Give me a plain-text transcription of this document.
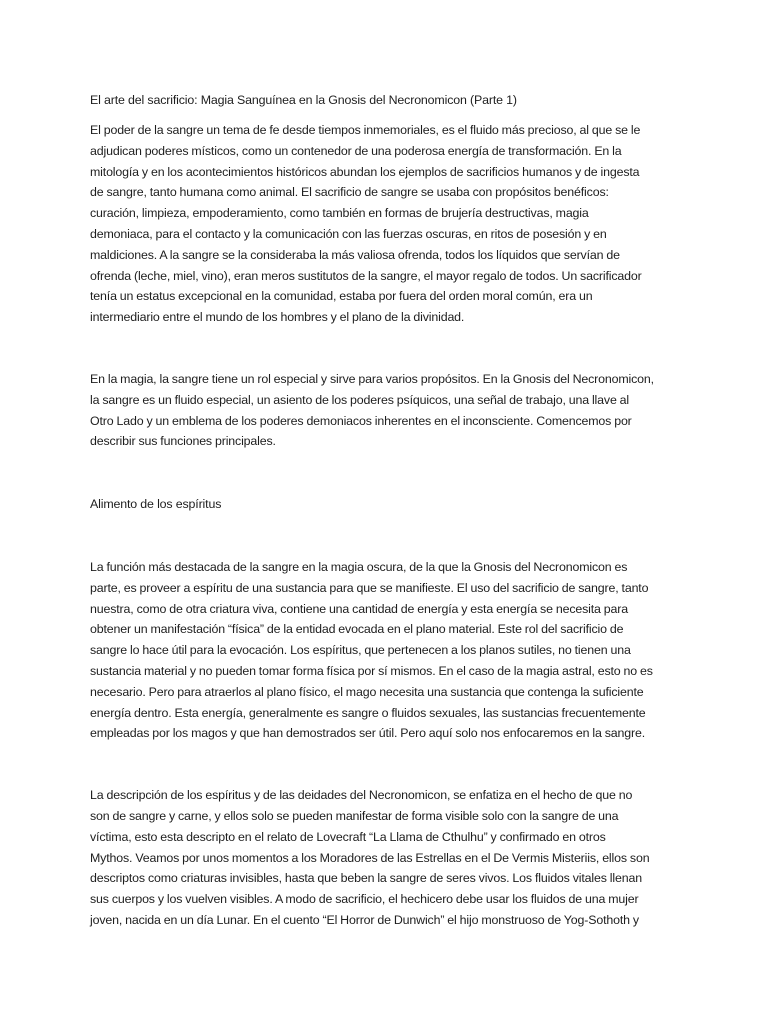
El arte del sacrificio: Magia Sanguínea en la Gnosis del Necronomicon (Parte 1)

El poder de la sangre un tema de fe desde tiempos inmemoriales, es el fluido más precioso, al que se le
adjudican poderes místicos, como un contenedor de una poderosa energía de transformación. En la
mitología y en los acontecimientos históricos abundan los ejemplos de sacrificios humanos y de ingesta
de sangre, tanto humana como animal. El sacrificio de sangre se usaba con propósitos benéficos:
curación, limpieza, empoderamiento, como también en formas de brujería destructivas, magia
demoniaca, para el contacto y la comunicación con las fuerzas oscuras, en ritos de posesión y en
maldiciones. A la sangre se la consideraba la más valiosa ofrenda, todos los líquidos que servían de
ofrenda (leche, miel, vino), eran meros sustitutos de la sangre, el mayor regalo de todos. Un sacrificador
tenía un estatus excepcional en la comunidad, estaba por fuera del orden moral común, era un
intermediario entre el mundo de los hombres y el plano de la divinidad.

En la magia, la sangre tiene un rol especial y sirve para varios propósitos. En la Gnosis del Necronomicon,
la sangre es un fluido especial, un asiento de los poderes psíquicos, una señal de trabajo, una llave al
Otro Lado y un emblema de los poderes demoniacos inherentes en el inconsciente. Comencemos por
describir sus funciones principales.

Alimento de los espíritus

La función más destacada de la sangre en la magia oscura, de la que la Gnosis del Necronomicon es
parte, es proveer a espíritu de una sustancia para que se manifieste. El uso del sacrificio de sangre, tanto
nuestra, como de otra criatura viva, contiene una cantidad de energía y esta energía se necesita para
obtener un manifestación “física” de la entidad evocada en el plano material. Este rol del sacrificio de
sangre lo hace útil para la evocación. Los espíritus, que pertenecen a los planos sutiles, no tienen una
sustancia material y no pueden tomar forma física por sí mismos. En el caso de la magia astral, esto no es
necesario. Pero para atraerlos al plano físico, el mago necesita una sustancia que contenga la suficiente
energía dentro. Esta energía, generalmente es sangre o fluidos sexuales, las sustancias frecuentemente
empleadas por los magos y que han demostrados ser útil. Pero aquí solo nos enfocaremos en la sangre.

La descripción de los espíritus y de las deidades del Necronomicon, se enfatiza en el hecho de que no
son de sangre y carne, y ellos solo se pueden manifestar de forma visible solo con la sangre de una
víctima, esto esta descripto en el relato de Lovecraft “La Llama de Cthulhu” y confirmado en otros
Mythos. Veamos por unos momentos a los Moradores de las Estrellas en el De Vermis Misteriis, ellos son
descriptos como criaturas invisibles, hasta que beben la sangre de seres vivos. Los fluidos vitales llenan
sus cuerpos y los vuelven visibles. A modo de sacrificio, el hechicero debe usar los fluidos de una mujer
joven, nacida en un día Lunar. En el cuento “El Horror de Dunwich” el hijo monstruoso de Yog-Sothoth y
